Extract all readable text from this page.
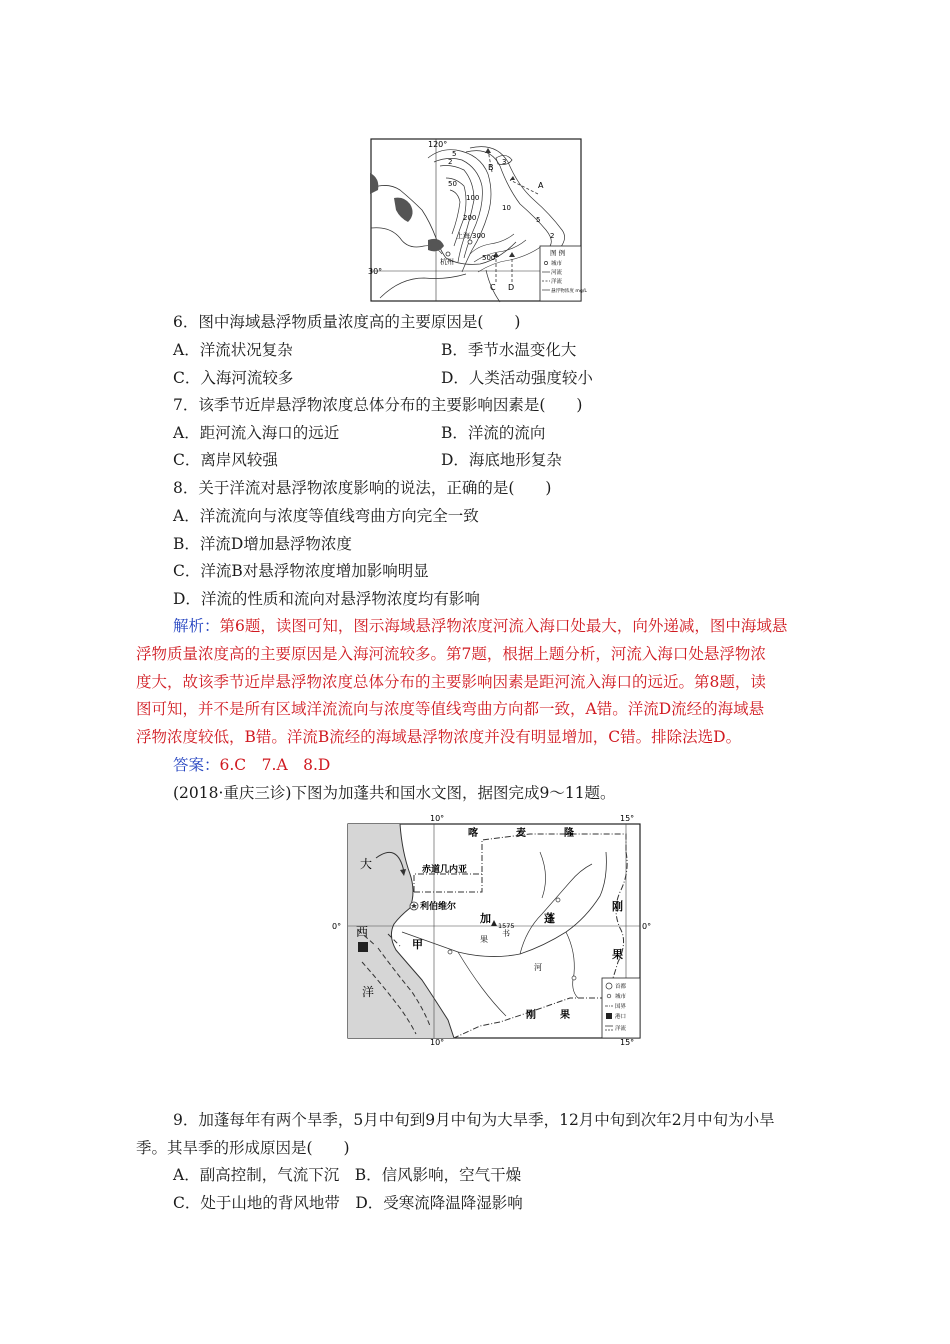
120°
30°
5
2
50
100
200
300
500
10
5
2
3
A
B
C D
上海
杭州
图 例
城市
河流
洋流
悬浮物浓度 mg/L
6．图中海域悬浮物质量浓度高的主要原因是(　　)
A．洋流状况复杂	B．季节水温变化大
C．入海河流较多	D．人类活动强度较小
7．该季节近岸悬浮物浓度总体分布的主要影响因素是(　　)
A．距河流入海口的远近	B．洋流的流向
C．离岸风较强	D．海底地形复杂
8．关于洋流对悬浮物浓度影响的说法，正确的是(　　)
A．洋流流向与浓度等值线弯曲方向完全一致
B．洋流D增加悬浮物浓度
C．洋流B对悬浮物浓度增加影响明显
D．洋流的性质和流向对悬浮物浓度均有影响
解析：第6题，读图可知，图示海域悬浮物浓度河流入海口处最大，向外递减，图中海域悬
浮物质量浓度高的主要原因是入海河流较多。第7题，根据上题分析，河流入海口处悬浮物浓
度大，故该季节近岸悬浮物浓度总体分布的主要影响因素是距河流入海口的远近。第8题，读
图可知，并不是所有区域洋流流向与浓度等值线弯曲方向都一致，A错。洋流D流经的海域悬
浮物浓度较低，B错。洋流B流经的海域悬浮物浓度并没有明显增加，C错。排除法选D。
答案：6.C　7.A　8.D
(2018·重庆三诊)下图为加蓬共和国水文图，据图完成9～11题。
10°	15°
10°	15°
0°	0°
大
西
洋
喀	麦	隆
赤道几内亚
利伯维尔
加	蓬
刚
果
甲	果
书
河
刚 果
1575
首都
城市
国界
港口
洋流
9．加蓬每年有两个旱季，5月中旬到9月中旬为大旱季，12月中旬到次年2月中旬为小旱
季。其旱季的形成原因是(　　)
A．副高控制，气流下沉　B．信风影响，空气干燥
C．处于山地的背风地带　D．受寒流降温降湿影响
